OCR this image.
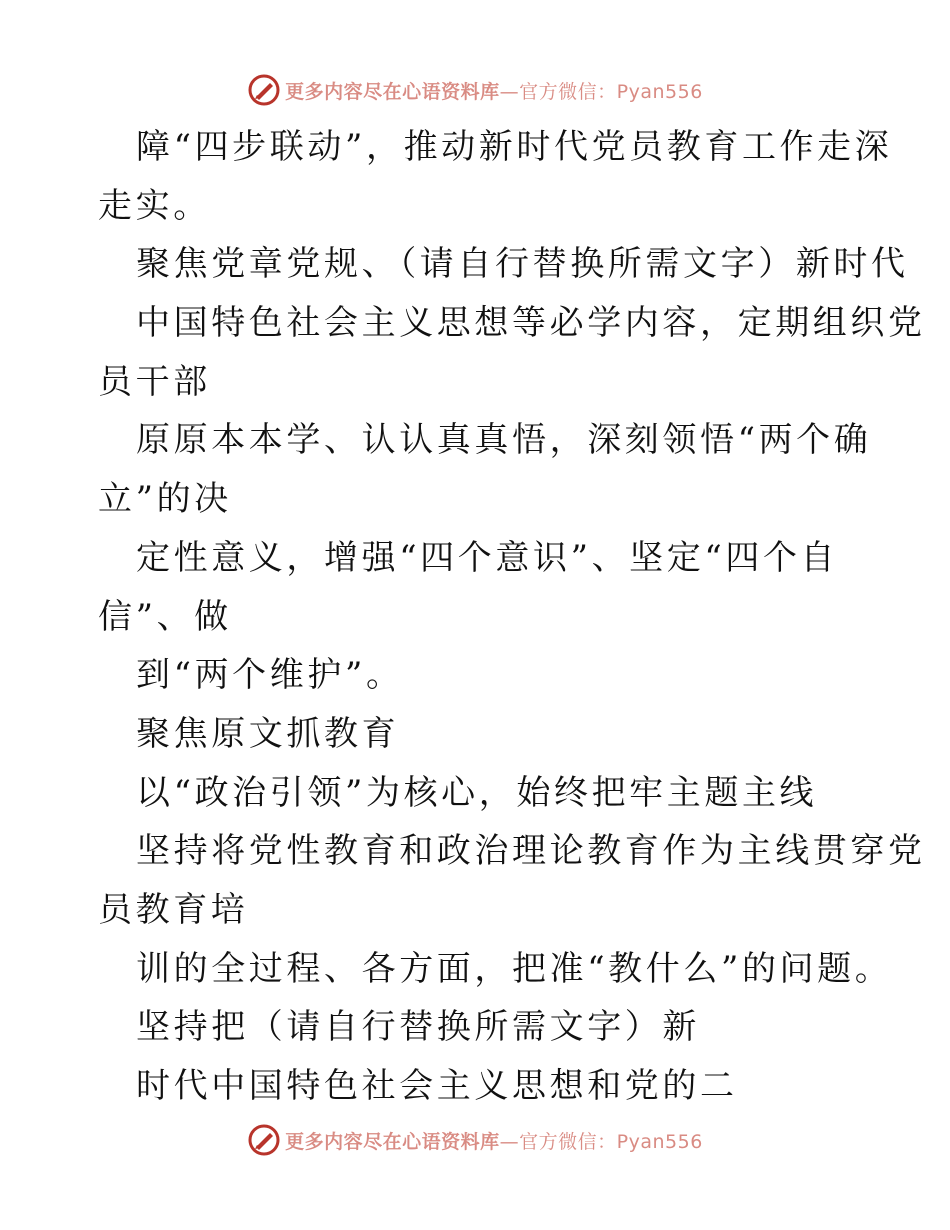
更多内容尽在心语资料库—官方微信：Pyan556
障“四步联动”，推动新时代党员教育工作走深
走实。
聚焦党章党规、（请自行替换所需文字）新时代
中国特色社会主义思想等必学内容，定期组织党
员干部
原原本本学、认认真真悟，深刻领悟“两个确
立”的决
定性意义，增强“四个意识”、坚定“四个自
信”、做
到“两个维护”。
聚焦原文抓教育
以“政治引领”为核心，始终把牢主题主线
坚持将党性教育和政治理论教育作为主线贯穿党
员教育培
训的全过程、各方面，把准“教什么”的问题。
坚持把（请自行替换所需文字）新
时代中国特色社会主义思想和党的二
更多内容尽在心语资料库—官方微信：Pyan556
